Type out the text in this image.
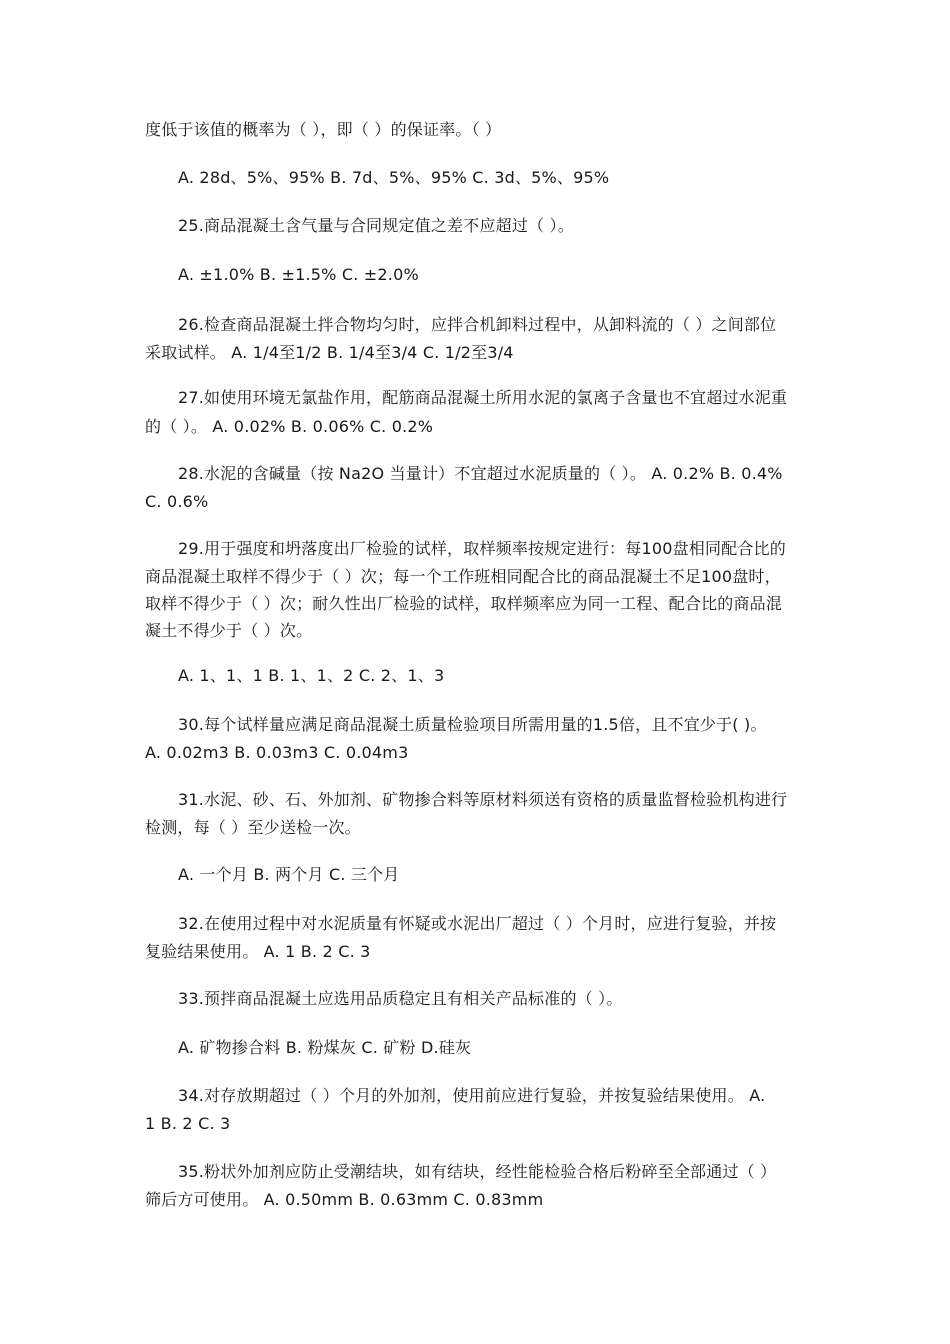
度低于该值的概率为（ ），即（ ）的保证率。（ ）
A. 28d、5%、95% B. 7d、5%、95% C. 3d、5%、95%
25.商品混凝土含气量与合同规定值之差不应超过（ ）。
A. ±1.0% B. ±1.5% C. ±2.0%
26.检查商品混凝土拌合物均匀时，应拌合机卸料过程中，从卸料流的（ ）之间部位
采取试样。 A. 1/4至1/2 B. 1/4至3/4 C. 1/2至3/4
27.如使用环境无氯盐作用，配筋商品混凝土所用水泥的氯离子含量也不宜超过水泥重
的（ ）。 A. 0.02% B. 0.06% C. 0.2%
28.水泥的含碱量（按 Na2O 当量计）不宜超过水泥质量的（ ）。 A. 0.2% B. 0.4%
C. 0.6%
29.用于强度和坍落度出厂检验的试样，取样频率按规定进行：每100盘相同配合比的
商品混凝土取样不得少于（ ）次；每一个工作班相同配合比的商品混凝土不足100盘时，
取样不得少于（ ）次；耐久性出厂检验的试样，取样频率应为同一工程、配合比的商品混
凝土不得少于（ ）次。
A. 1、1、1 B. 1、1、2 C. 2、1、3
30.每个试样量应满足商品混凝土质量检验项目所需用量的1.5倍，且不宜少于( )。
A. 0.02m3 B. 0.03m3 C. 0.04m3
31.水泥、砂、石、外加剂、矿物掺合料等原材料须送有资格的质量监督检验机构进行
检测，每（ ）至少送检一次。
A. 一个月 B. 两个月 C. 三个月
32.在使用过程中对水泥质量有怀疑或水泥出厂超过（ ）个月时，应进行复验，并按
复验结果使用。 A. 1 B. 2 C. 3
33.预拌商品混凝土应选用品质稳定且有相关产品标准的（ ）。
A. 矿物掺合料 B. 粉煤灰 C. 矿粉 D.硅灰
34.对存放期超过（ ）个月的外加剂，使用前应进行复验，并按复验结果使用。 A.
1 B. 2 C. 3
35.粉状外加剂应防止受潮结块，如有结块，经性能检验合格后粉碎至全部通过（ ）
筛后方可使用。 A. 0.50mm B. 0.63mm C. 0.83mm
